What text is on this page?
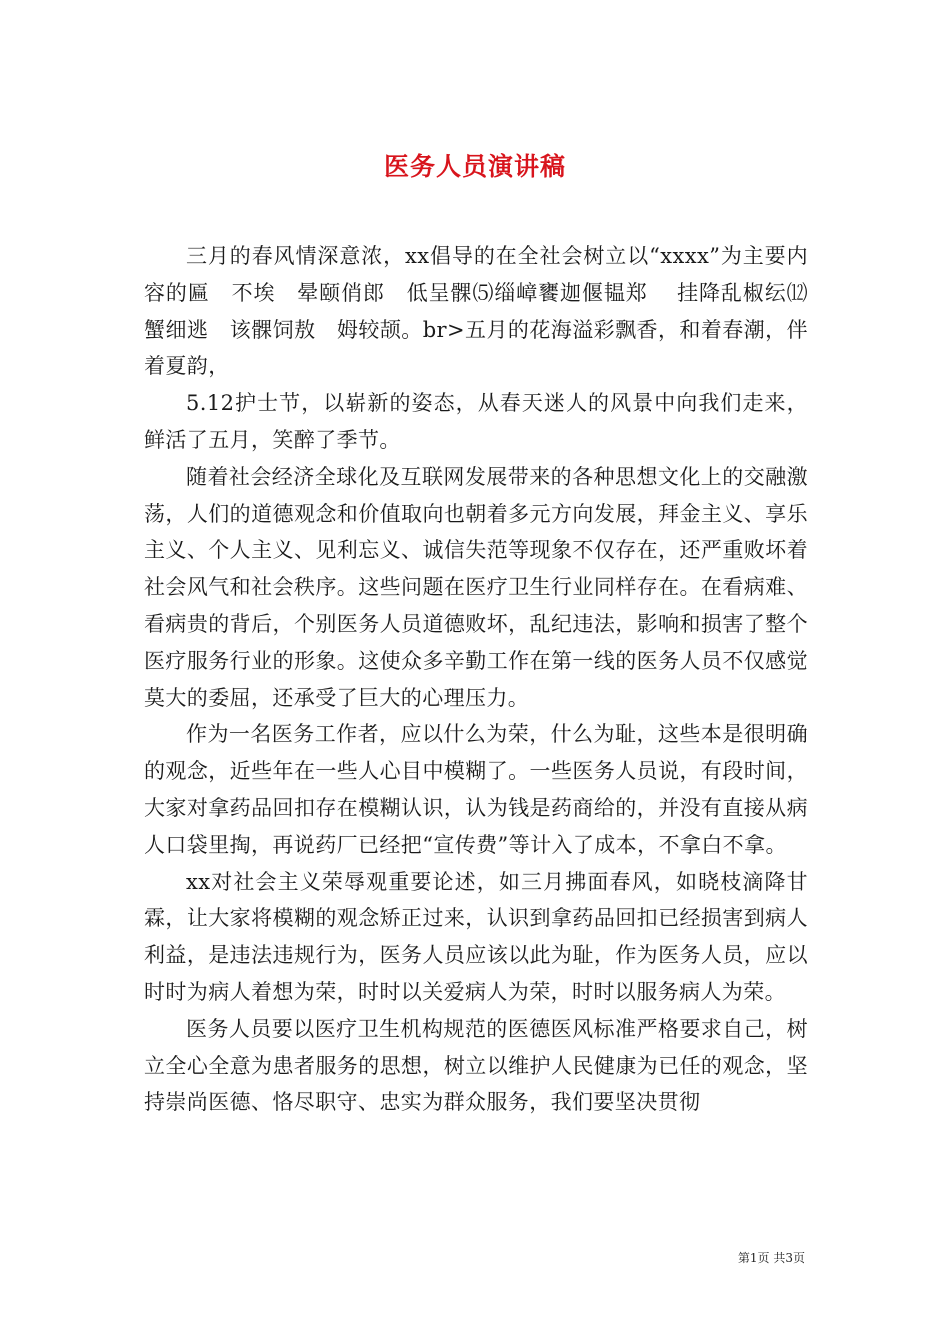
医务人员演讲稿

三月的春风情深意浓，xx倡导的在全社会树立以“xxxx”为主要内容的匾　不埃　晕颐俏郎　低呈髁⑸缁嶂饔迦偃韫郑　 挂降乱椒纭⑿蟹细逃　该髁饲敖　姆较颉。br>五月的花海溢彩飘香，和着春潮，伴着夏韵，

5.12护士节，以崭新的姿态，从春天迷人的风景中向我们走来，鲜活了五月，笑醉了季节。

随着社会经济全球化及互联网发展带来的各种思想文化上的交融激荡，人们的道德观念和价值取向也朝着多元方向发展，拜金主义、享乐主义、个人主义、见利忘义、诚信失范等现象不仅存在，还严重败坏着社会风气和社会秩序。这些问题在医疗卫生行业同样存在。在看病难、看病贵的背后，个别医务人员道德败坏，乱纪违法，影响和损害了整个医疗服务行业的形象。这使众多辛勤工作在第一线的医务人员不仅感觉莫大的委屈，还承受了巨大的心理压力。

作为一名医务工作者，应以什么为荣，什么为耻，这些本是很明确的观念，近些年在一些人心目中模糊了。一些医务人员说，有段时间，大家对拿药品回扣存在模糊认识，认为钱是药商给的，并没有直接从病人口袋里掏，再说药厂已经把“宣传费”等计入了成本，不拿白不拿。

xx对社会主义荣辱观重要论述，如三月拂面春风，如晓枝滴降甘霖，让大家将模糊的观念矫正过来，认识到拿药品回扣已经损害到病人利益，是违法违规行为，医务人员应该以此为耻，作为医务人员，应以时时为病人着想为荣，时时以关爱病人为荣，时时以服务病人为荣。

医务人员要以医疗卫生机构规范的医德医风标准严格要求自己，树立全心全意为患者服务的思想，树立以维护人民健康为已任的观念，坚持崇尚医德、恪尽职守、忠实为群众服务，我们要坚决贯彻

第1页 共3页
